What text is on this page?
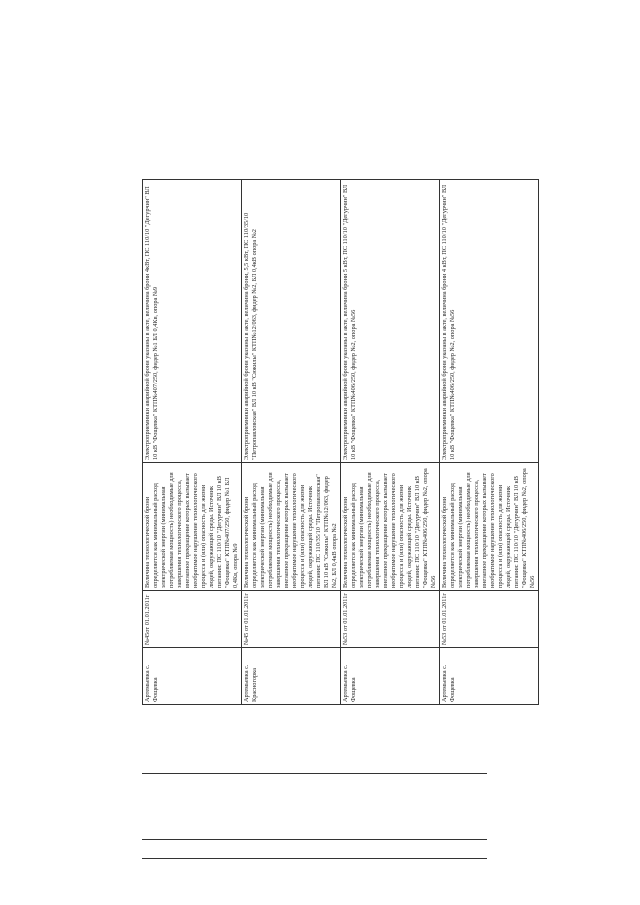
Артемьевка с. Фощевка	№45от 01.01.2011г	Величина технологической брони определяется как минимальный расход электрической энергии (минимальная потребляемая мощность) необходимые для завершения технологического процесса, внезапное прекращение которых вызывает необратимое нарушение технологического процесса и (или) опасность для жизни людей, окружающей среды. Источник питания: ПС 110/10 "Дегурчин" ВЛ 10 кВ "Фощевка" КТП№407/250, фидер №1 БЛ 0,4Кв, опора №9	Электроприемники аварийной брони указаны в акте, величина брони 4кВт, ПС 110/10 "Дегурчин" ВЛ 10 кВ "Фощевка" КТП№407/250, фидер №1 БЛ 0,4Кв, опора №9
Артемьевка с. Красногорка	№45 от 01.01.2011г	Величина технологической брони определяется как минимальный расход электрической энергии (минимальная потребляемая мощность) необходимые для завершения технологического процесса, внезапное прекращение которых вызывает необратимое нарушение технологического процесса и (или) опасность для жизни людей, окружающей среды. Источник питания: ПС 110/35/10 "Петропавловская" ВЛ 10 кВ "Сюкилы" КТП№12/063, фидер №2, БЛ 0,4кВ опора №2	Электроприемники аварийной брони указаны в акте, величина брони, 5,5 кВт, ПС 110/35/10 "Петропавловская" ВЛ 10 кВ "Сюкилы" КТП№12/063, фидер №2, БЛ 0,4кВ опора №2
Артемьевка с. Фощевка	№53 от 01.01.2011г	Величина технологической брони определяется как минимальный расход электрической энергии (минимальная потребляемая мощность) необходимые для завершения технологического процесса, внезапное прекращение которых вызывает необратимое нарушение технологического процесса и (или) опасность для жизни людей, окружающей среды. Источник питания: ПС 110/10 "Дегурчин" ВЛ 10 кВ "Фощевка" КТП№406/250, фидер №2, опора №56	Электроприемники аварийной брони указаны в акте, величина брони 5 кВт, ПС 110/10 "Дегурчин" ВЛ 10 кВ "Фощевка" КТП№406/250, фидер №2, опора №56
Артемьевка с. Фощевка	№53 от 01.01.2011г	Величина технологической брони определяется как минимальный расход электрической энергии (минимальная потребляемая мощность) необходимые для завершения технологического процесса, внезапное прекращение которых вызывает необратимое нарушение технологического процесса и (или) опасность для жизни людей, окружающей среды. Источник питания: ПС 110/10 "Дегурчин" ВЛ 10 кВ "Фощевка" КТП№406/250, фидер №2, опора №56	Электроприемники аварийной брони указаны в акте, величина брони 4 кВт, ПС 110/10 "Дегурчин" ВЛ 10 кВ "Фощевка" КТП№406/250, фидер №2, опора №56
